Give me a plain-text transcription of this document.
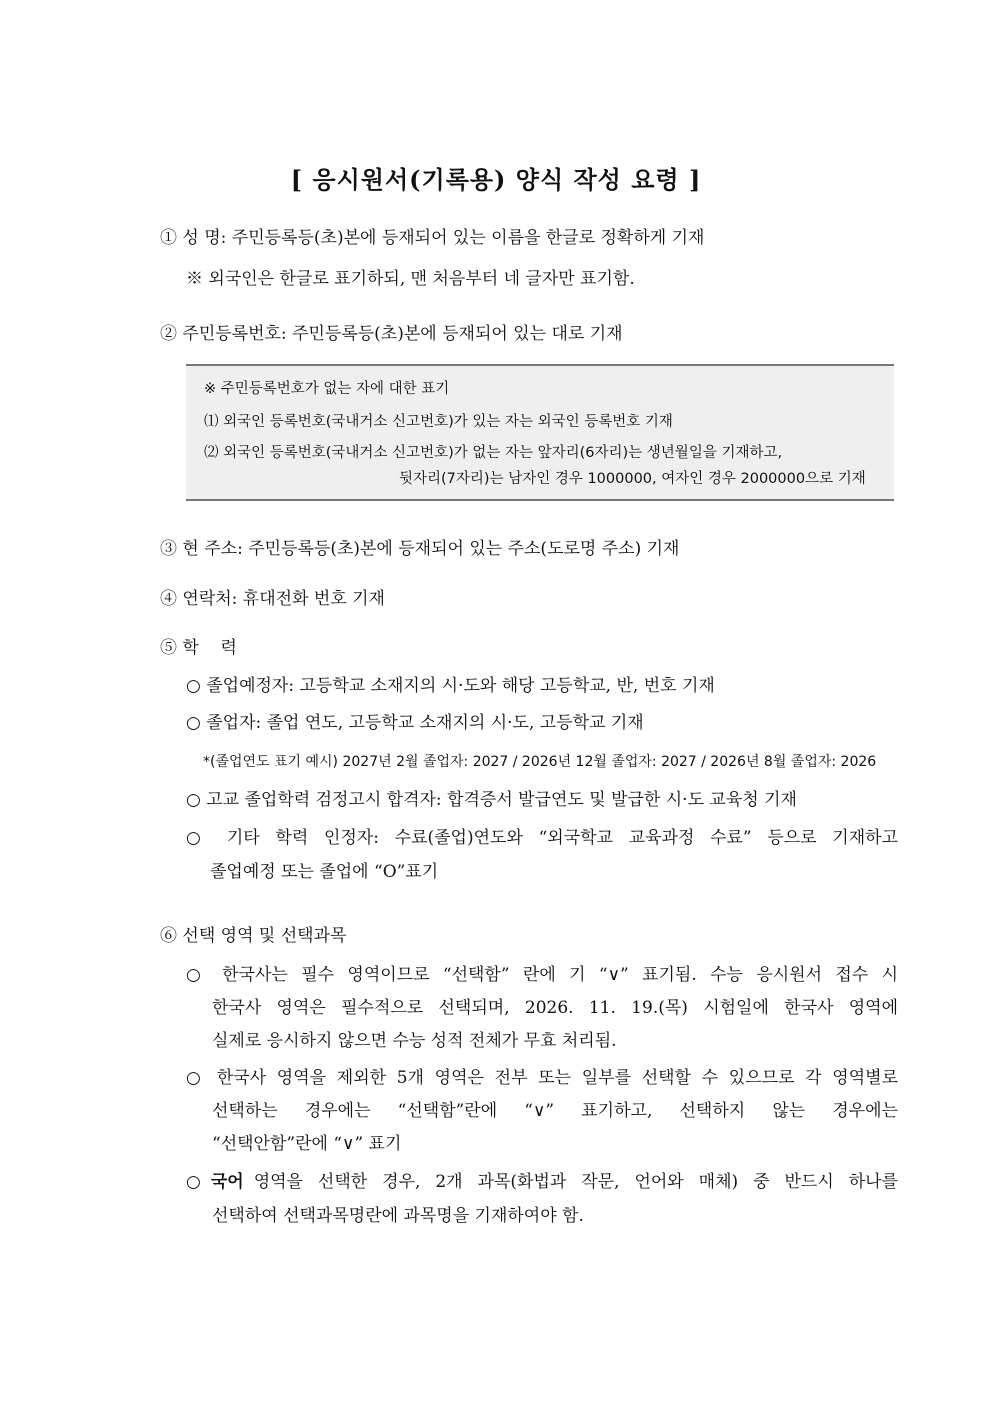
[ 응시원서(기록용) 양식 작성 요령 ]
① 성 명: 주민등록등(초)본에 등재되어 있는 이름을 한글로 정확하게 기재
※ 외국인은 한글로 표기하되, 맨 처음부터 네 글자만 표기함.
② 주민등록번호: 주민등록등(초)본에 등재되어 있는 대로 기재
※ 주민등록번호가 없는 자에 대한 표기
⑴ 외국인 등록번호(국내거소 신고번호)가 있는 자는 외국인 등록번호 기재
⑵ 외국인 등록번호(국내거소 신고번호)가 없는 자는 앞자리(6자리)는 생년월일을 기재하고,
뒷자리(7자리)는 남자인 경우 1000000, 여자인 경우 2000000으로 기재
③ 현 주소: 주민등록등(초)본에 등재되어 있는 주소(도로명 주소) 기재
④ 연락처: 휴대전화 번호 기재
⑤ 학    력
○ 졸업예정자: 고등학교 소재지의 시·도와 해당 고등학교, 반, 번호 기재
○ 졸업자: 졸업 연도, 고등학교 소재지의 시·도, 고등학교 기재
*(졸업연도 표기 예시) 2027년 2월 졸업자: 2027 / 2026년 12월 졸업자: 2027 / 2026년 8월 졸업자: 2026
○ 고교 졸업학력 검정고시 합격자: 합격증서 발급연도 및 발급한 시·도 교육청 기재
○ 기타 학력 인정자: 수료(졸업)연도와 “외국학교 교육과정 수료” 등으로 기재하고
졸업예정 또는 졸업에 “O”표기
⑥ 선택 영역 및 선택과목
○ 한국사는 필수 영역이므로 “선택함” 란에 기 “∨” 표기됨. 수능 응시원서 접수 시
한국사 영역은 필수적으로 선택되며, 2026. 11. 19.(목) 시험일에 한국사 영역에
실제로 응시하지 않으면 수능 성적 전체가 무효 처리됨.
○ 한국사 영역을 제외한 5개 영역은 전부 또는 일부를 선택할 수 있으므로 각 영역별로
선택하는 경우에는 “선택함”란에 “∨” 표기하고, 선택하지 않는 경우에는
“선택안함”란에 “∨” 표기
○ 국어 영역을 선택한 경우, 2개 과목(화법과 작문, 언어와 매체) 중 반드시 하나를
선택하여 선택과목명란에 과목명을 기재하여야 함.
